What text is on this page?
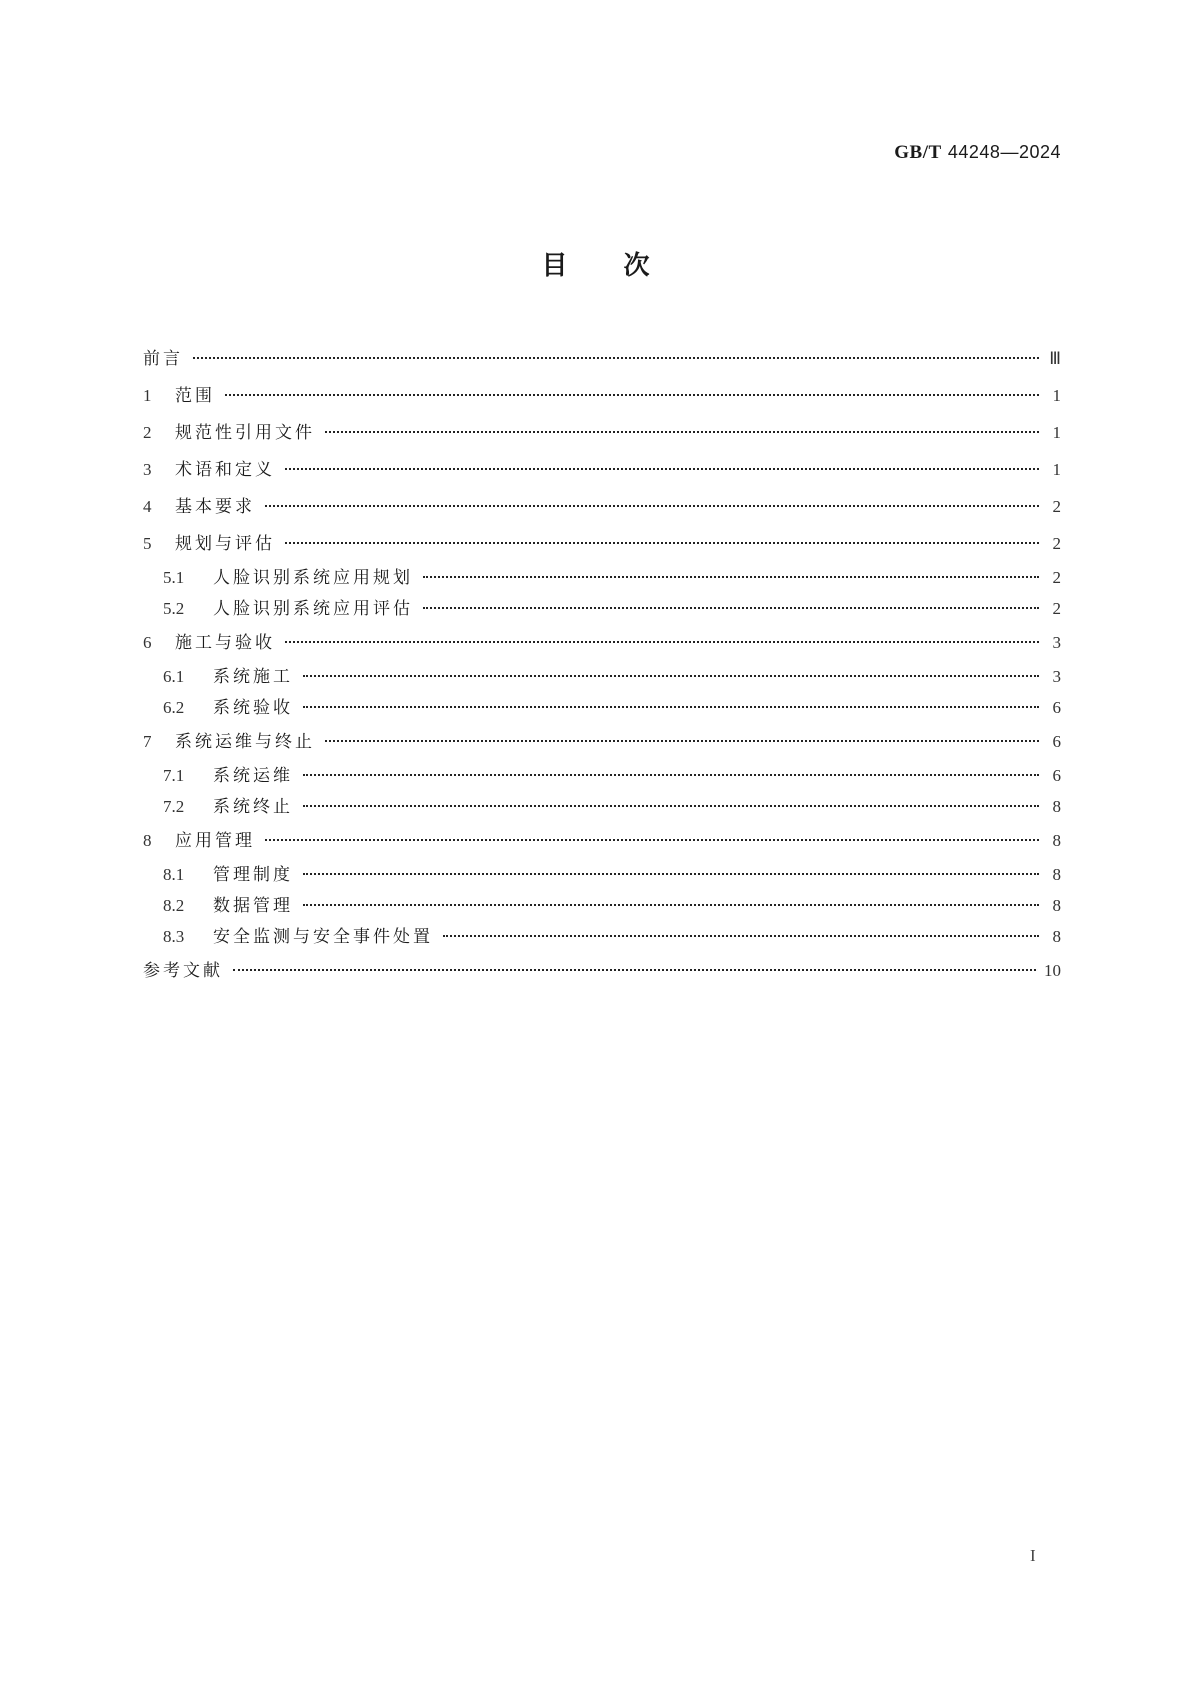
GB/T 44248—2024
目 次
前言	Ⅲ
1	范围	1
2	规范性引用文件	1
3	术语和定义	1
4	基本要求	2
5	规划与评估	2
5.1	人脸识别系统应用规划	2
5.2	人脸识别系统应用评估	2
6	施工与验收	3
6.1	系统施工	3
6.2	系统验收	6
7	系统运维与终止	6
7.1	系统运维	6
7.2	系统终止	8
8	应用管理	8
8.1	管理制度	8
8.2	数据管理	8
8.3	安全监测与安全事件处置	8
参考文献	10
I
